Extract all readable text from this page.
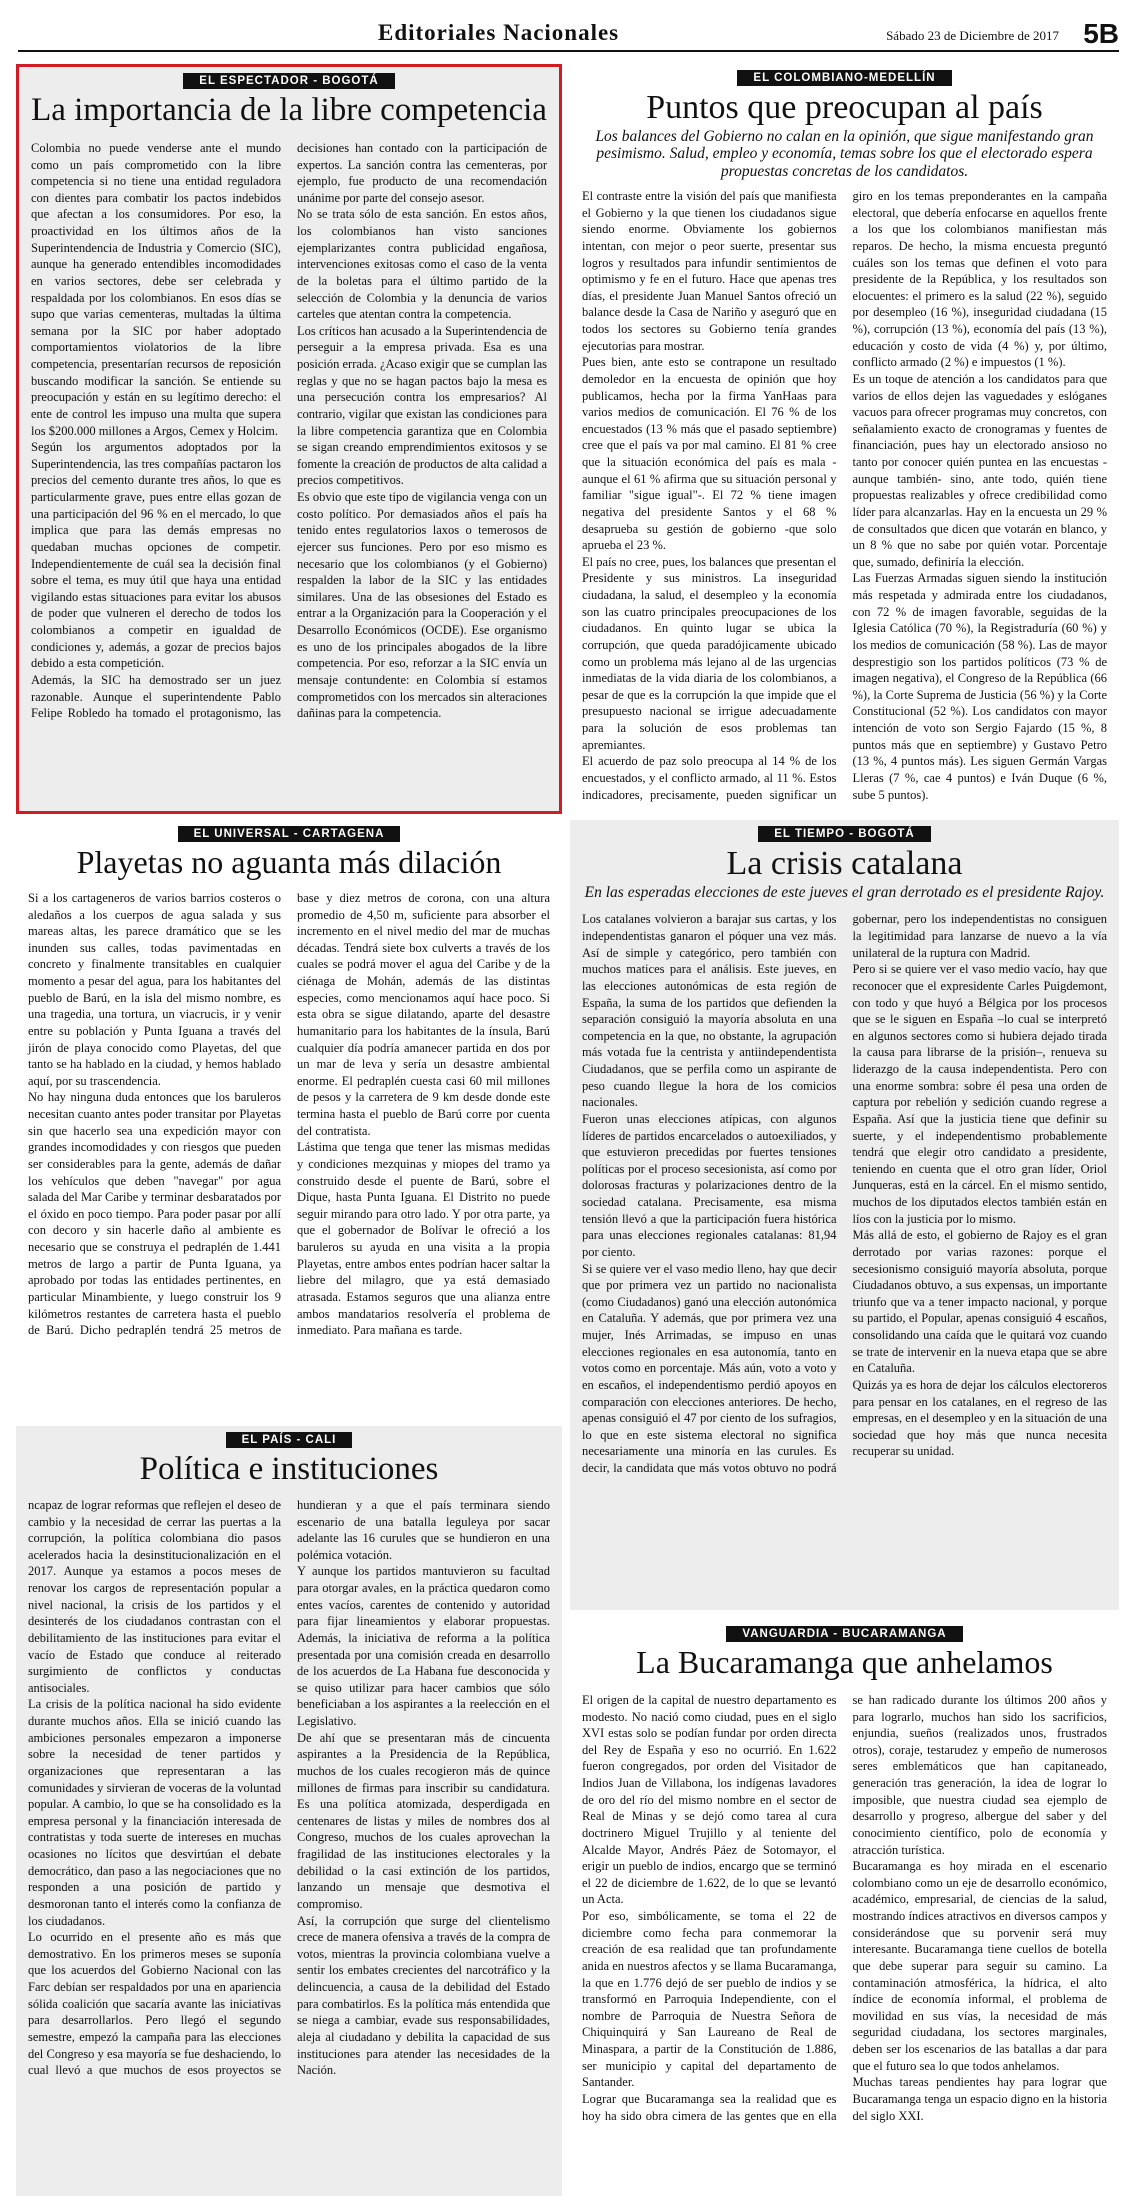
Editoriales Nacionales	Sábado 23 de Diciembre de 2017 5B
EL ESPECTADOR - BOGOTÁ
La importancia de la libre competencia

Colombia no puede venderse ante el mundo como un país comprometido con la libre competencia si no tiene una entidad reguladora con dientes para combatir los pactos indebidos que afectan a los consumidores. Por eso, la proactividad en los últimos años de la Superintendencia de Industria y Comercio (SIC), aunque ha generado entendibles incomodidades en varios sectores, debe ser celebrada y respaldada por los colombianos. En esos días se supo que varias cementeras, multadas la última semana por la SIC por haber adoptado comportamientos violatorios de la libre competencia, presentarían recursos de reposición buscando modificar la sanción. Se entiende su preocupación y están en su legítimo derecho: el ente de control les impuso una multa que supera los $200.000 millones a Argos, Cemex y Holcim.

Según los argumentos adoptados por la Superintendencia, las tres compañías pactaron los precios del cemento durante tres años, lo que es particularmente grave, pues entre ellas gozan de una participación del 96 % en el mercado, lo que implica que para las demás empresas no quedaban muchas opciones de competir. Independientemente de cuál sea la decisión final sobre el tema, es muy útil que haya una entidad vigilando estas situaciones para evitar los abusos de poder que vulneren el derecho de todos los colombianos a competir en igualdad de condiciones y, además, a gozar de precios bajos debido a esta competición.

Además, la SIC ha demostrado ser un juez razonable. Aunque el superintendente Pablo Felipe Robledo ha tomado el protagonismo, las decisiones han contado con la participación de expertos. La sanción contra las cementeras, por ejemplo, fue producto de una recomendación unánime por parte del consejo asesor.

No se trata sólo de esta sanción. En estos años, los colombianos han visto sanciones ejemplarizantes contra publicidad engañosa, intervenciones exitosas como el caso de la venta de la boletas para el último partido de la selección de Colombia y la denuncia de varios carteles que atentan contra la competencia.

Los críticos han acusado a la Superintendencia de perseguir a la empresa privada. Esa es una posición errada. ¿Acaso exigir que se cumplan las reglas y que no se hagan pactos bajo la mesa es una persecución contra los empresarios? Al contrario, vigilar que existan las condiciones para la libre competencia garantiza que en Colombia se sigan creando emprendimientos exitosos y se fomente la creación de productos de alta calidad a precios competitivos.

Es obvio que este tipo de vigilancia venga con un costo político. Por demasiados años el país ha tenido entes regulatorios laxos o temerosos de ejercer sus funciones. Pero por eso mismo es necesario que los colombianos (y el Gobierno) respalden la labor de la SIC y las entidades similares. Una de las obsesiones del Estado es entrar a la Organización para la Cooperación y el Desarrollo Económicos (OCDE). Ese organismo es uno de los principales abogados de la libre competencia. Por eso, reforzar a la SIC envía un mensaje contundente: en Colombia sí estamos comprometidos con los mercados sin alteraciones dañinas para la competencia.

EL COLOMBIANO-MEDELLÍN
Puntos que preocupan al país
Los balances del Gobierno no calan en la opinión, que sigue manifestando gran pesimismo. Salud, empleo y economía, temas sobre los que el electorado espera propuestas concretas de los candidatos.

El contraste entre la visión del país que manifiesta el Gobierno y la que tienen los ciudadanos sigue siendo enorme. Obviamente los gobiernos intentan, con mejor o peor suerte, presentar sus logros y resultados para infundir sentimientos de optimismo y fe en el futuro. Hace que apenas tres días, el presidente Juan Manuel Santos ofreció un balance desde la Casa de Nariño y aseguró que en todos los sectores su Gobierno tenía grandes ejecutorias para mostrar.

Pues bien, ante esto se contrapone un resultado demoledor en la encuesta de opinión que hoy publicamos, hecha por la firma YanHaas para varios medios de comunicación. El 76 % de los encuestados (13 % más que el pasado septiembre) cree que el país va por mal camino. El 81 % cree que la situación económica del país es mala -aunque el 61 % afirma que su situación personal y familiar "sigue igual"-. El 72 % tiene imagen negativa del presidente Santos y el 68 % desaprueba su gestión de gobierno -que solo aprueba el 23 %.

El país no cree, pues, los balances que presentan el Presidente y sus ministros. La inseguridad ciudadana, la salud, el desempleo y la economía son las cuatro principales preocupaciones de los ciudadanos. En quinto lugar se ubica la corrupción, que queda paradójicamente ubicado como un problema más lejano al de las urgencias inmediatas de la vida diaria de los colombianos, a pesar de que es la corrupción la que impide que el presupuesto nacional se irrigue adecuadamente para la solución de esos problemas tan apremiantes.

El acuerdo de paz solo preocupa al 14 % de los encuestados, y el conflicto armado, al 11 %. Estos indicadores, precisamente, pueden significar un giro en los temas preponderantes en la campaña electoral, que debería enfocarse en aquellos frente a los que los colombianos manifiestan más reparos. De hecho, la misma encuesta preguntó cuáles son los temas que definen el voto para presidente de la República, y los resultados son elocuentes: el primero es la salud (22 %), seguido por desempleo (16 %), inseguridad ciudadana (15 %), corrupción (13 %), economía del país (13 %), educación y costo de vida (4 %) y, por último, conflicto armado (2 %) e impuestos (1 %).

Es un toque de atención a los candidatos para que varios de ellos dejen las vaguedades y eslóganes vacuos para ofrecer programas muy concretos, con señalamiento exacto de cronogramas y fuentes de financiación, pues hay un electorado ansioso no tanto por conocer quién puntea en las encuestas -aunque también- sino, ante todo, quién tiene propuestas realizables y ofrece credibilidad como líder para alcanzarlas. Hay en la encuesta un 29 % de consultados que dicen que votarán en blanco, y un 8 % que no sabe por quién votar. Porcentaje que, sumado, definiría la elección.

Las Fuerzas Armadas siguen siendo la institución más respetada y admirada entre los ciudadanos, con 72 % de imagen favorable, seguidas de la Iglesia Católica (70 %), la Registraduría (60 %) y los medios de comunicación (58 %). Las de mayor desprestigio son los partidos políticos (73 % de imagen negativa), el Congreso de la República (66 %), la Corte Suprema de Justicia (56 %) y la Corte Constitucional (52 %). Los candidatos con mayor intención de voto son Sergio Fajardo (15 %, 8 puntos más que en septiembre) y Gustavo Petro (13 %, 4 puntos más). Les siguen Germán Vargas Lleras (7 %, cae 4 puntos) e Iván Duque (6 %, sube 5 puntos).

EL UNIVERSAL - CARTAGENA
Playetas no aguanta más dilación

Si a los cartageneros de varios barrios costeros o aledaños a los cuerpos de agua salada y sus mareas altas, les parece dramático que se les inunden sus calles, todas pavimentadas en concreto y finalmente transitables en cualquier momento a pesar del agua, para los habitantes del pueblo de Barú, en la isla del mismo nombre, es una tragedia, una tortura, un viacrucis, ir y venir entre su población y Punta Iguana a través del jirón de playa conocido como Playetas, del que tanto se ha hablado en la ciudad, y hemos hablado aquí, por su trascendencia.

No hay ninguna duda entonces que los baruleros necesitan cuanto antes poder transitar por Playetas sin que hacerlo sea una expedición mayor con grandes incomodidades y con riesgos que pueden ser considerables para la gente, además de dañar los vehículos que deben "navegar" por agua salada del Mar Caribe y terminar desbaratados por el óxido en poco tiempo. Para poder pasar por allí con decoro y sin hacerle daño al ambiente es necesario que se construya el pedraplén de 1.441 metros de largo a partir de Punta Iguana, ya aprobado por todas las entidades pertinentes, en particular Minambiente, y luego construir los 9 kilómetros restantes de carretera hasta el pueblo de Barú. Dicho pedraplén tendrá 25 metros de base y diez metros de corona, con una altura promedio de 4,50 m, suficiente para absorber el incremento en el nivel medio del mar de muchas décadas. Tendrá siete box culverts a través de los cuales se podrá mover el agua del Caribe y de la ciénaga de Mohán, además de las distintas especies, como mencionamos aquí hace poco. Si esta obra se sigue dilatando, aparte del desastre humanitario para los habitantes de la ínsula, Barú cualquier día podría amanecer partida en dos por un mar de leva y sería un desastre ambiental enorme. El pedraplén cuesta casi 60 mil millones de pesos y la carretera de 9 km desde donde este termina hasta el pueblo de Barú corre por cuenta del contratista.

Lástima que tenga que tener las mismas medidas y condiciones mezquinas y miopes del tramo ya construido desde el puente de Barú, sobre el Dique, hasta Punta Iguana. El Distrito no puede seguir mirando para otro lado. Y por otra parte, ya que el gobernador de Bolívar le ofreció a los baruleros su ayuda en una visita a la propia Playetas, entre ambos entes podrían hacer saltar la liebre del milagro, que ya está demasiado atrasada. Estamos seguros que una alianza entre ambos mandatarios resolvería el problema de inmediato. Para mañana es tarde.

EL TIEMPO - BOGOTÁ
La crisis catalana
En las esperadas elecciones de este jueves el gran derrotado es el presidente Rajoy.

Los catalanes volvieron a barajar sus cartas, y los independentistas ganaron el póquer una vez más. Así de simple y categórico, pero también con muchos matices para el análisis. Este jueves, en las elecciones autonómicas de esta región de España, la suma de los partidos que defienden la separación consiguió la mayoría absoluta en una competencia en la que, no obstante, la agrupación más votada fue la centrista y antiindependentista Ciudadanos, que se perfila como un aspirante de peso cuando llegue la hora de los comicios nacionales.

Fueron unas elecciones atípicas, con algunos líderes de partidos encarcelados o autoexiliados, y que estuvieron precedidas por fuertes tensiones políticas por el proceso secesionista, así como por dolorosas fracturas y polarizaciones dentro de la sociedad catalana. Precisamente, esa misma tensión llevó a que la participación fuera histórica para unas elecciones regionales catalanas: 81,94 por ciento.

Si se quiere ver el vaso medio lleno, hay que decir que por primera vez un partido no nacionalista (como Ciudadanos) ganó una elección autonómica en Cataluña. Y además, que por primera vez una mujer, Inés Arrimadas, se impuso en unas elecciones regionales en esa autonomía, tanto en votos como en porcentaje. Más aún, voto a voto y en escaños, el independentismo perdió apoyos en comparación con elecciones anteriores. De hecho, apenas consiguió el 47 por ciento de los sufragios, lo que en este sistema electoral no significa necesariamente una minoría en las curules. Es decir, la candidata que más votos obtuvo no podrá gobernar, pero los independentistas no consiguen la legitimidad para lanzarse de nuevo a la vía unilateral de la ruptura con Madrid.

Pero si se quiere ver el vaso medio vacío, hay que reconocer que el expresidente Carles Puigdemont, con todo y que huyó a Bélgica por los procesos que se le siguen en España –lo cual se interpretó en algunos sectores como si hubiera dejado tirada la causa para librarse de la prisión–, renueva su liderazgo de la causa independentista. Pero con una enorme sombra: sobre él pesa una orden de captura por rebelión y sedición cuando regrese a España. Así que la justicia tiene que definir su suerte, y el independentismo probablemente tendrá que elegir otro candidato a presidente, teniendo en cuenta que el otro gran líder, Oriol Junqueras, está en la cárcel. En el mismo sentido, muchos de los diputados electos también están en líos con la justicia por lo mismo.

Más allá de esto, el gobierno de Rajoy es el gran derrotado por varias razones: porque el secesionismo consiguió mayoría absoluta, porque Ciudadanos obtuvo, a sus expensas, un importante triunfo que va a tener impacto nacional, y porque su partido, el Popular, apenas consiguió 4 escaños, consolidando una caída que le quitará voz cuando se trate de intervenir en la nueva etapa que se abre en Cataluña.

Quizás ya es hora de dejar los cálculos electoreros para pensar en los catalanes, en el regreso de las empresas, en el desempleo y en la situación de una sociedad que hoy más que nunca necesita recuperar su unidad.

EL PAÍS - CALI
Política e instituciones

ncapaz de lograr reformas que reflejen el deseo de cambio y la necesidad de cerrar las puertas a la corrupción, la política colombiana dio pasos acelerados hacia la desinstitucionalización en el 2017. Aunque ya estamos a pocos meses de renovar los cargos de representación popular a nivel nacional, la crisis de los partidos y el desinterés de los ciudadanos contrastan con el debilitamiento de las instituciones para evitar el vacío de Estado que conduce al reiterado surgimiento de conflictos y conductas antisociales.

La crisis de la política nacional ha sido evidente durante muchos años. Ella se inició cuando las ambiciones personales empezaron a imponerse sobre la necesidad de tener partidos y organizaciones que representaran a las comunidades y sirvieran de voceras de la voluntad popular. A cambio, lo que se ha consolidado es la empresa personal y la financiación interesada de contratistas y toda suerte de intereses en muchas ocasiones no lícitos que desvirtúan el debate democrático, dan paso a las negociaciones que no responden a una posición de partido y desmoronan tanto el interés como la confianza de los ciudadanos.

Lo ocurrido en el presente año es más que demostrativo. En los primeros meses se suponía que los acuerdos del Gobierno Nacional con las Farc debían ser respaldados por una en apariencia sólida coalición que sacaría avante las iniciativas para desarrollarlos. Pero llegó el segundo semestre, empezó la campaña para las elecciones del Congreso y esa mayoría se fue deshaciendo, lo cual llevó a que muchos de esos proyectos se hundieran y a que el país terminara siendo escenario de una batalla leguleya por sacar adelante las 16 curules que se hundieron en una polémica votación.

Y aunque los partidos mantuvieron su facultad para otorgar avales, en la práctica quedaron como entes vacíos, carentes de contenido y autoridad para fijar lineamientos y elaborar propuestas. Además, la iniciativa de reforma a la política presentada por una comisión creada en desarrollo de los acuerdos de La Habana fue desconocida y se quiso utilizar para hacer cambios que sólo beneficiaban a los aspirantes a la reelección en el Legislativo.

De ahí que se presentaran más de cincuenta aspirantes a la Presidencia de la República, muchos de los cuales recogieron más de quince millones de firmas para inscribir su candidatura. Es una política atomizada, desperdigada en centenares de listas y miles de nombres dos al Congreso, muchos de los cuales aprovechan la fragilidad de las instituciones electorales y la debilidad o la casi extinción de los partidos, lanzando un mensaje que desmotiva el compromiso.

Así, la corrupción que surge del clientelismo crece de manera ofensiva a través de la compra de votos, mientras la provincia colombiana vuelve a sentir los embates crecientes del narcotráfico y la delincuencia, a causa de la debilidad del Estado para combatirlos. Es la política más entendida que se niega a cambiar, evade sus responsabilidades, aleja al ciudadano y debilita la capacidad de sus instituciones para atender las necesidades de la Nación.

VANGUARDIA - BUCARAMANGA
La Bucaramanga que anhelamos

El origen de la capital de nuestro departamento es modesto. No nació como ciudad, pues en el siglo XVI estas solo se podían fundar por orden directa del Rey de España y eso no ocurrió. En 1.622 fueron congregados, por orden del Visitador de Indios Juan de Villabona, los indígenas lavadores de oro del río del mismo nombre en el sector de Real de Minas y se dejó como tarea al cura doctrinero Miguel Trujillo y al teniente del Alcalde Mayor, Andrés Páez de Sotomayor, el erigir un pueblo de indios, encargo que se terminó el 22 de diciembre de 1.622, de lo que se levantó un Acta.

Por eso, simbólicamente, se toma el 22 de diciembre como fecha para conmemorar la creación de esa realidad que tan profundamente anida en nuestros afectos y se llama Bucaramanga, la que en 1.776 dejó de ser pueblo de indios y se transformó en Parroquia Independiente, con el nombre de Parroquia de Nuestra Señora de Chiquinquirá y San Laureano de Real de Minaspara, a partir de la Constitución de 1.886, ser municipio y capital del departamento de Santander.

Lograr que Bucaramanga sea la realidad que es hoy ha sido obra cimera de las gentes que en ella se han radicado durante los últimos 200 años y para lograrlo, muchos han sido los sacrificios, enjundia, sueños (realizados unos, frustrados otros), coraje, testarudez y empeño de numerosos seres emblemáticos que han capitaneado, generación tras generación, la idea de lograr lo imposible, que nuestra ciudad sea ejemplo de desarrollo y progreso, albergue del saber y del conocimiento científico, polo de economía y atracción turística.

Bucaramanga es hoy mirada en el escenario colombiano como un eje de desarrollo económico, académico, empresarial, de ciencias de la salud, mostrando índices atractivos en diversos campos y considerándose que su porvenir será muy interesante. Bucaramanga tiene cuellos de botella que debe superar para seguir su camino. La contaminación atmosférica, la hídrica, el alto índice de economía informal, el problema de movilidad en sus vías, la necesidad de más seguridad ciudadana, los sectores marginales, deben ser los escenarios de las batallas a dar para que el futuro sea lo que todos anhelamos.

Muchas tareas pendientes hay para lograr que Bucaramanga tenga un espacio digno en la historia del siglo XXI.
